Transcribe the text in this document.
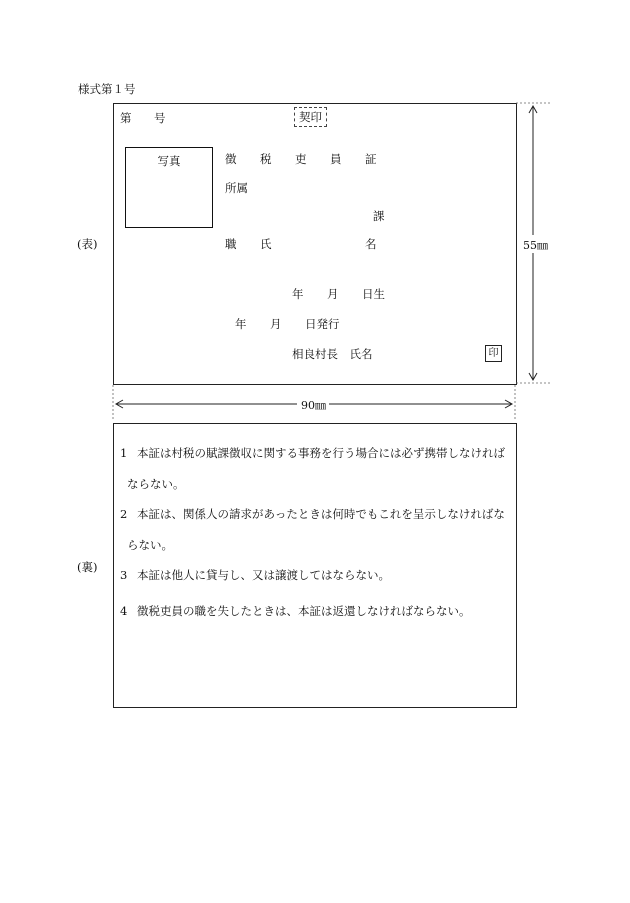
様式第１号
(表)
(裏)
第 号	契印
写真	徴 税 吏 員 証
所属
課
職 氏	名
年 月 日生
年 月 日発行
相良村長　氏名	印
55㎜
90㎜
1 本証は村税の賦課徴収に関する事務を行う場合には必ず携帯しなければ
ならない。
2 本証は、関係人の請求があったときは何時でもこれを呈示しなければな
らない。
3 本証は他人に貸与し、又は譲渡してはならない。
4 徴税吏員の職を失したときは、本証は返還しなければならない。
